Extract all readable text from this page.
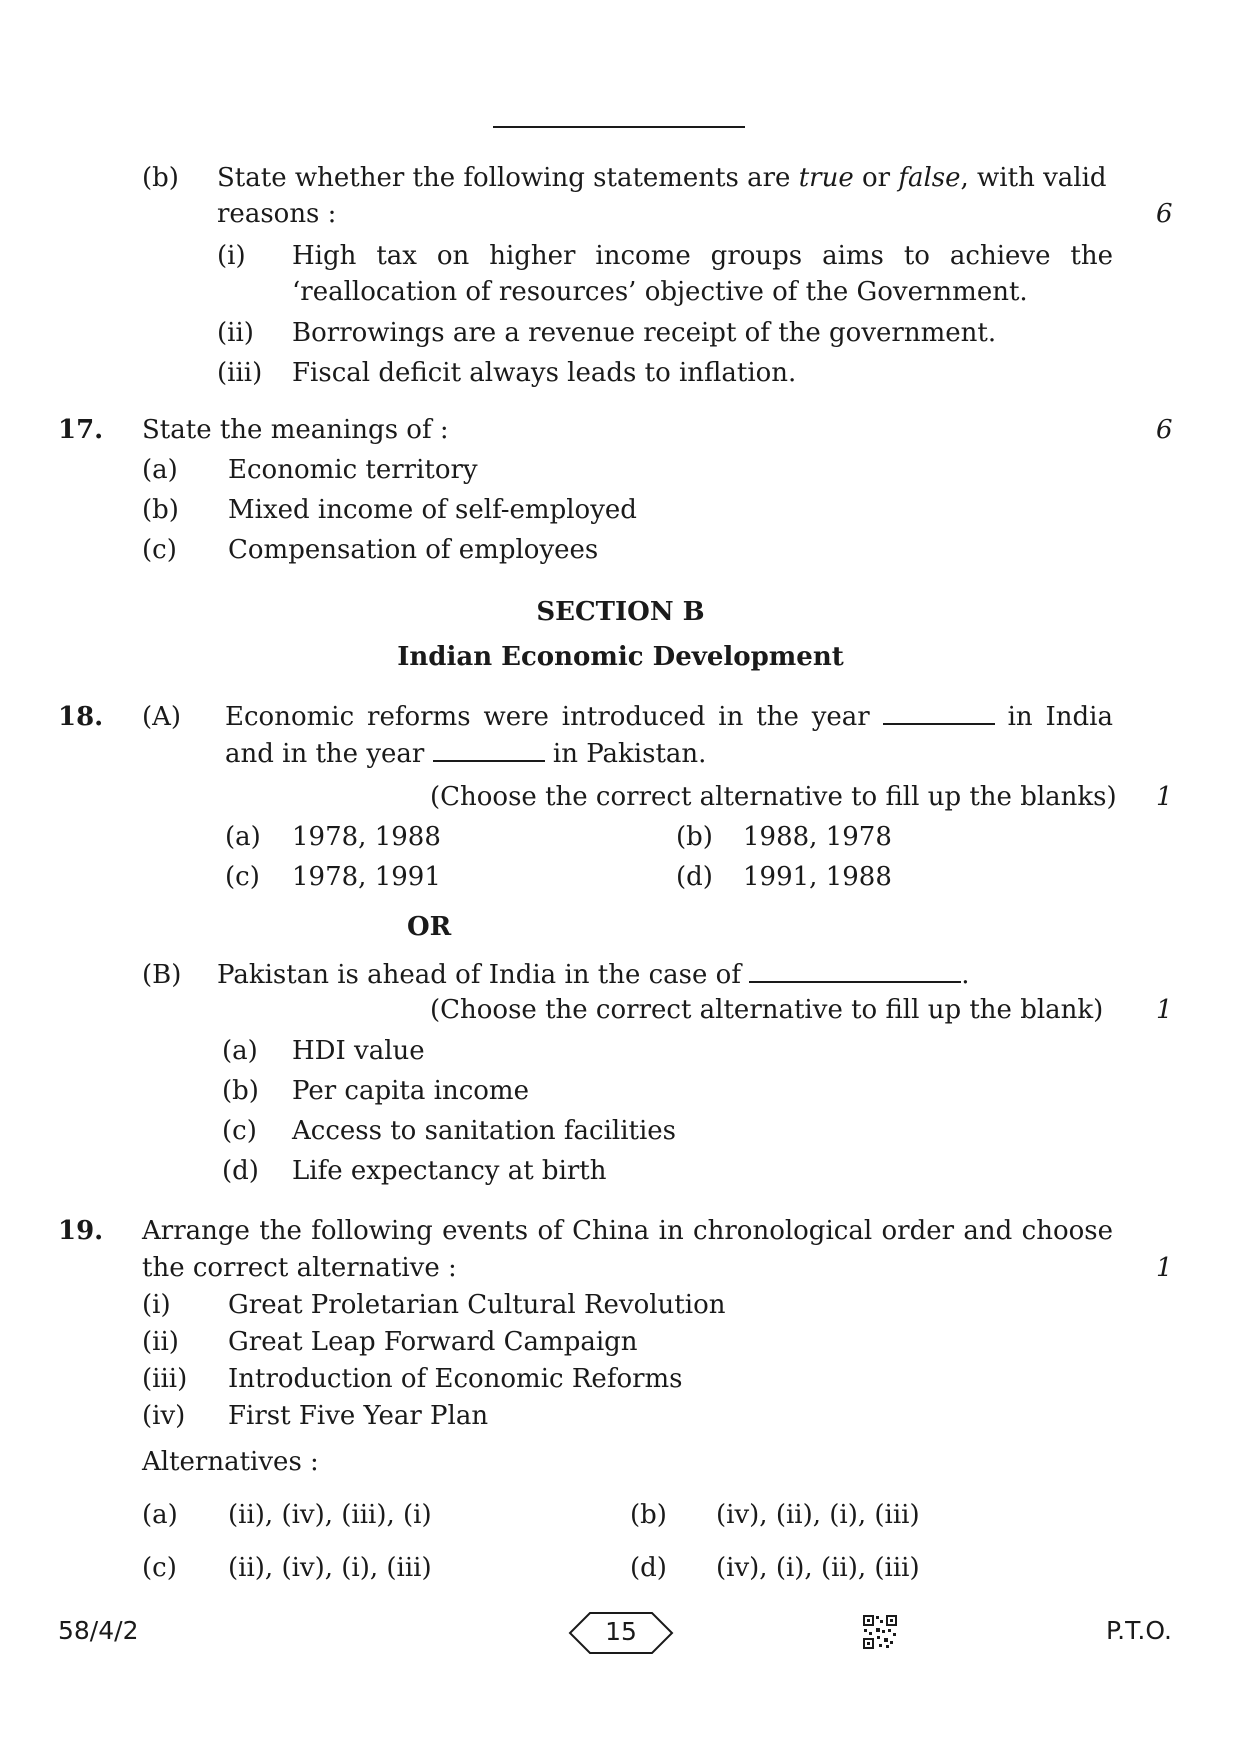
(b) State whether the following statements are true or false, with valid
reasons :	6
(i) High tax on higher income groups aims to achieve the
‘reallocation of resources’ objective of the Government.
(ii) Borrowings are a revenue receipt of the government.
(iii) Fiscal deficit always leads to inflation.
17. State the meanings of :	6
(a) Economic territory
(b) Mixed income of self-employed
(c) Compensation of employees
SECTION B
Indian Economic Development
18. (A) Economic reforms were introduced in the year	in India
and in the year	in Pakistan.
(Choose the correct alternative to fill up the blanks) 1
(a) 1978, 1988	(b) 1988, 1978
(c) 1978, 1991	(d) 1991, 1988
OR
(B) Pakistan is ahead of India in the case of	.
(Choose the correct alternative to fill up the blank) 1
(a) HDI value
(b) Per capita income
(c) Access to sanitation facilities
(d) Life expectancy at birth
19. Arrange the following events of China in chronological order and choose
the correct alternative :	1
(i) Great Proletarian Cultural Revolution
(ii) Great Leap Forward Campaign
(iii) Introduction of Economic Reforms
(iv) First Five Year Plan
Alternatives :
(a) (ii), (iv), (iii), (i)	(b) (iv), (ii), (i), (iii)
(c) (ii), (iv), (i), (iii)	(d) (iv), (i), (ii), (iii)
58/4/2	15	P.T.O.
